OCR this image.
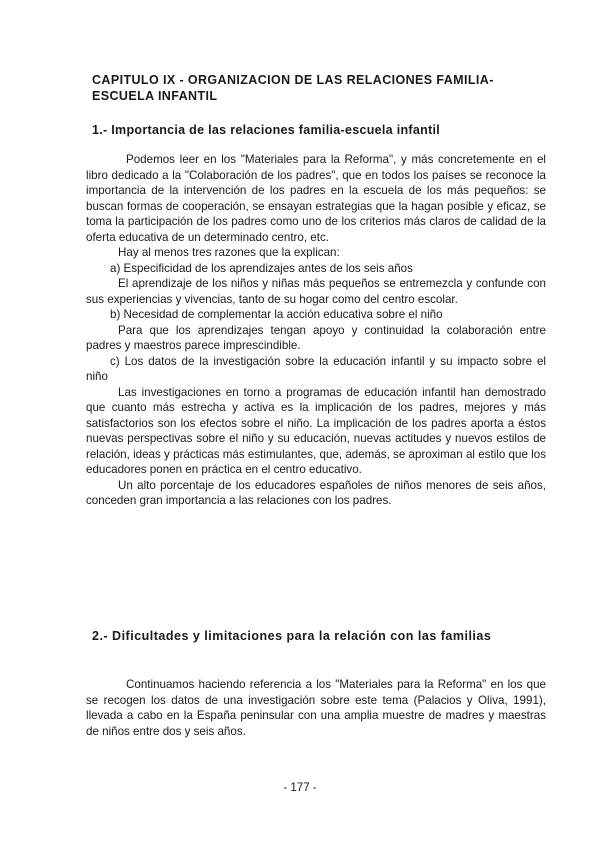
CAPITULO IX - ORGANIZACION DE LAS RELACIONES FAMILIA-ESCUELA INFANTIL
1.- Importancia de las relaciones familia-escuela infantil

Podemos leer en los "Materiales para la Reforma", y más concretemente en el libro dedicado a la "Colaboración de los padres", que en todos los países se reconoce la importancia de la intervención de los padres en la escuela de los más pequeños: se buscan formas de cooperación, se ensayan estrategias que la hagan posible y eficaz, se toma la participación de los padres como uno de los criterios más claros de calidad de la oferta educativa de un determinado centro, etc.

Hay al menos tres razones que la explican:

a) Especificidad de los aprendizajes antes de los seis años

El aprendizaje de los niños y niñas más pequeños se entremezcla y confunde con sus experiencias y vivencias, tanto de su hogar como del centro escolar.

b) Necesidad de complementar la acción educativa sobre el niño

Para que los aprendizajes tengan apoyo y continuidad la colaboración entre padres y maestros parece imprescindible.

c) Los datos de la investigación sobre la educación infantil y su impacto sobre el niño

Las investigaciones en torno a programas de educación infantil han demostrado que cuanto más estrecha y activa es la implicación de los padres, mejores y más satisfactorios son los efectos sobre el niño. La implicación de los padres aporta a éstos nuevas perspectivas sobre el niño y su educación, nuevas actitudes y nuevos estilos de relación, ideas y prácticas más estimulantes, que, además, se aproximan al estilo que los educadores ponen en práctica en el centro educativo.

Un alto porcentaje de los educadores españoles de niños menores de seis años, conceden gran importancia a las relaciones con los padres.

2.- Dificultades y limitaciones para la relación con las familias

Continuamos haciendo referencia a los "Materiales para la Reforma" en los que se recogen los datos de una investigación sobre este tema (Palacios y Oliva, 1991), llevada a cabo en la España peninsular con una amplia muestre de madres y maestras de niños entre dos y seis años.

- 177 -
